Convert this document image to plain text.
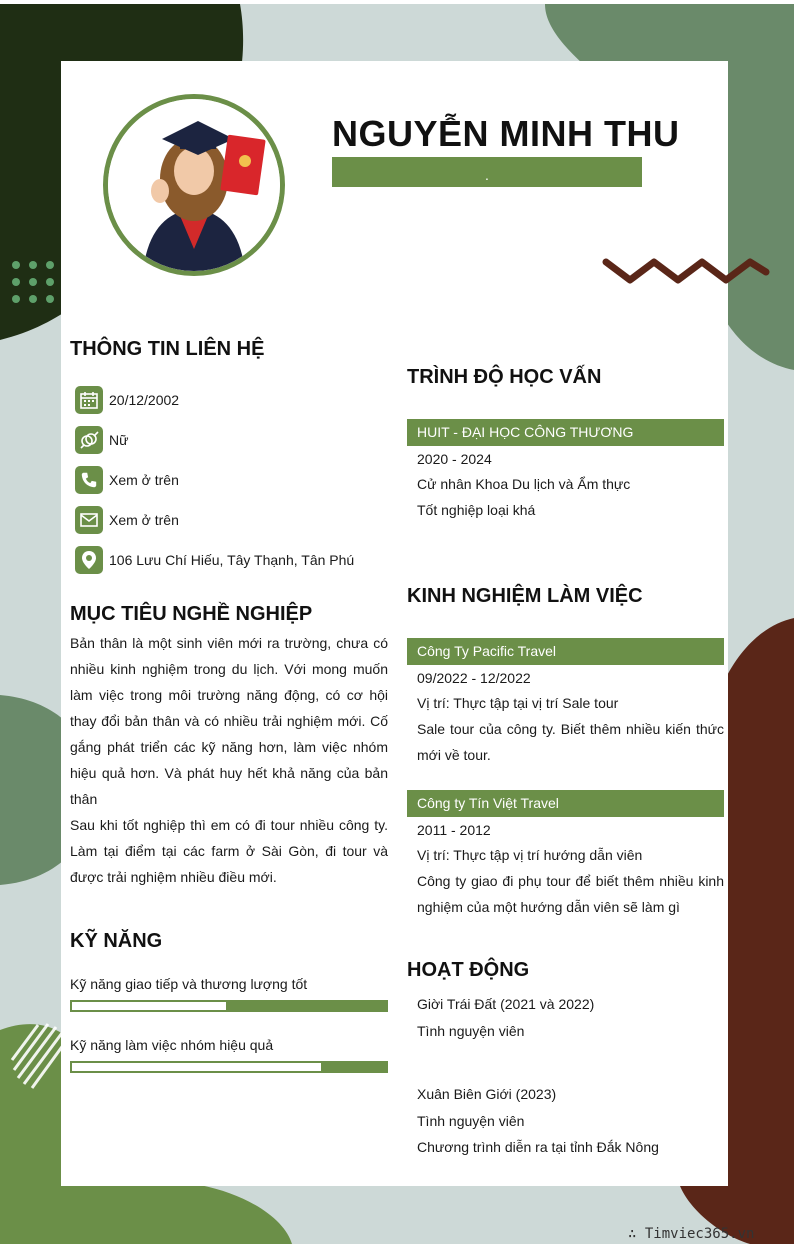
NGUYỄN MINH THU
.
THÔNG TIN LIÊN HỆ
20/12/2002
Nữ
Xem ở trên
Xem ở trên
106 Lưu Chí Hiếu, Tây Thạnh, Tân Phú
MỤC TIÊU NGHỀ NGHIỆP
Bản thân là một sinh viên mới ra trường, chưa có nhiều kinh nghiệm trong du lịch. Với mong muốn làm việc trong môi trường năng động, có cơ hội thay đổi bản thân và có nhiều trải nghiệm mới. Cố gắng phát triển các kỹ năng hơn, làm việc nhóm hiệu quả hơn. Và phát huy hết khả năng của bản thân
Sau khi tốt nghiệp thì em có đi tour nhiều công ty. Làm tại điểm tại các farm ở Sài Gòn, đi tour và được trải nghiệm nhiều điều mới.
KỸ NĂNG
Kỹ năng giao tiếp và thương lượng tốt
Kỹ năng làm việc nhóm hiệu quả
TRÌNH ĐỘ HỌC VẤN
HUIT - ĐẠI HỌC CÔNG THƯƠNG
2020 - 2024
Cử nhân Khoa Du lịch và Ẩm thực
Tốt nghiệp loại khá
KINH NGHIỆM LÀM VIỆC
Công Ty Pacific Travel
09/2022 - 12/2022
Vị trí: Thực tập tại vị trí Sale tour
Sale tour của công ty. Biết thêm nhiều kiến thức mới về tour.
Công ty Tín Việt Travel
2011 - 2012
Vị trí: Thực tập vị trí hướng dẫn viên
Công ty giao đi phụ tour để biết thêm nhiều kinh nghiệm của một hướng dẫn viên sẽ làm gì
HOẠT ĐỘNG
Giời Trái Đất (2021 và 2022)
Tình nguyện viên
Xuân Biên Giới (2023)
Tình nguyện viên
Chương trình diễn ra tại tỉnh Đắk Nông
∴ Timviec365.vn
